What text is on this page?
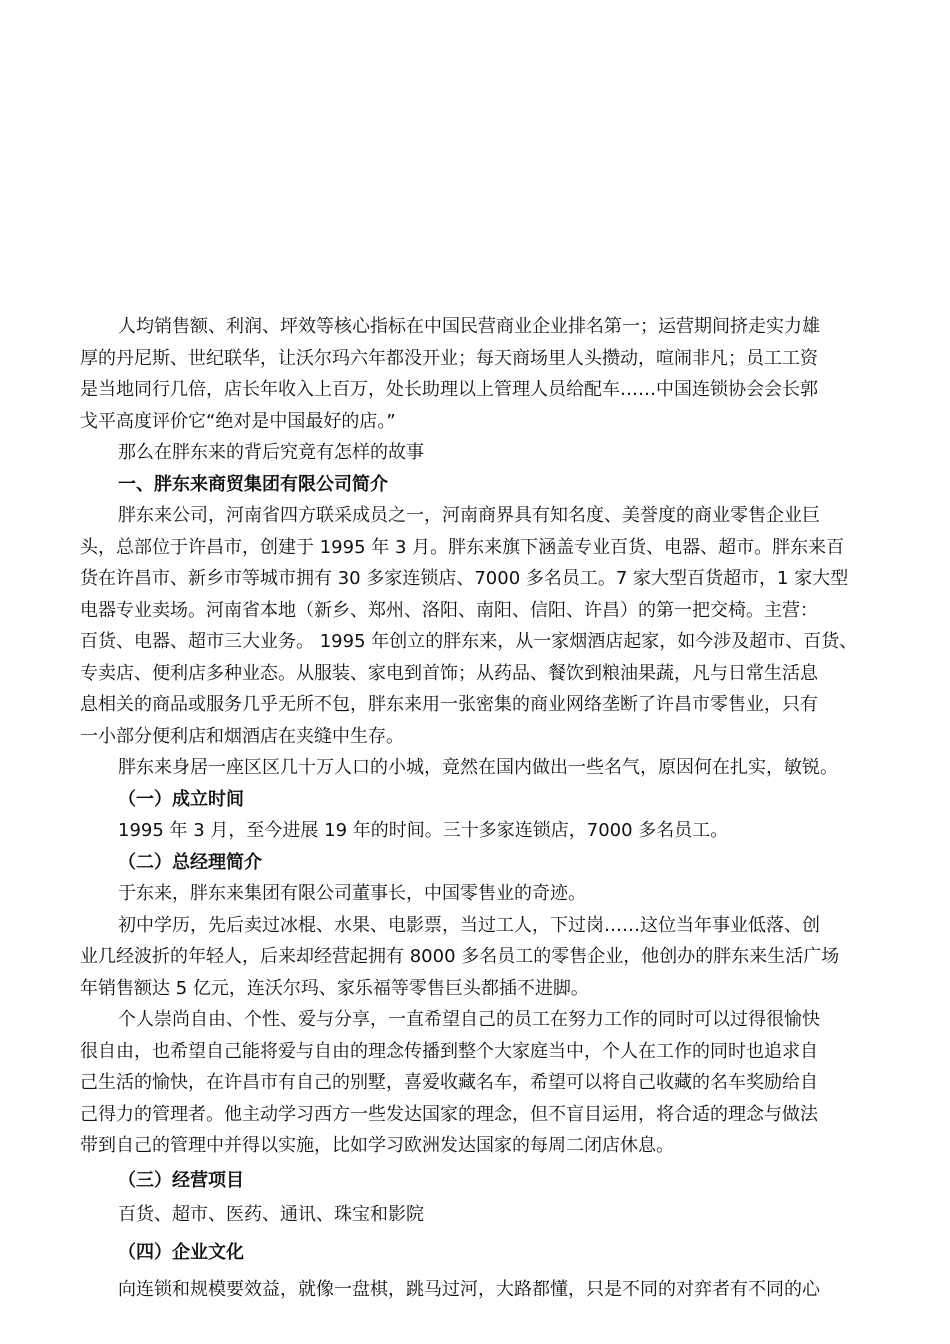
人均销售额、利润、坪效等核心指标在中国民营商业企业排名第一；运营期间挤走实力雄

厚的丹尼斯、世纪联华，让沃尔玛六年都没开业；每天商场里人头攒动，喧闹非凡；员工工资

是当地同行几倍，店长年收入上百万，处长助理以上管理人员给配车……中国连锁协会会长郭

戈平高度评价它“绝对是中国最好的店。”

那么在胖东来的背后究竟有怎样的故事

一、胖东来商贸集团有限公司简介

胖东来公司，河南省四方联采成员之一，河南商界具有知名度、美誉度的商业零售企业巨

头，总部位于许昌市，创建于 1995 年 3 月。胖东来旗下涵盖专业百货、电器、超市。胖东来百

货在许昌市、新乡市等城市拥有 30 多家连锁店、7000 多名员工。7 家大型百货超市，1 家大型

电器专业卖场。河南省本地（新乡、郑州、洛阳、南阳、信阳、许昌）的第一把交椅。主营：

百货、电器、超市三大业务。 1995 年创立的胖东来，从一家烟酒店起家，如今涉及超市、百货、

专卖店、便利店多种业态。从服装、家电到首饰；从药品、餐饮到粮油果蔬，凡与日常生活息

息相关的商品或服务几乎无所不包，胖东来用一张密集的商业网络垄断了许昌市零售业，只有

一小部分便利店和烟酒店在夹缝中生存。

胖东来身居一座区区几十万人口的小城，竟然在国内做出一些名气，原因何在扎实，敏锐。

（一）成立时间

1995 年 3 月，至今进展 19 年的时间。三十多家连锁店，7000 多名员工。

（二）总经理简介

于东来，胖东来集团有限公司董事长，中国零售业的奇迹。

初中学历，先后卖过冰棍、水果、电影票，当过工人，下过岗……这位当年事业低落、创

业几经波折的年轻人，后来却经营起拥有 8000 多名员工的零售企业，他创办的胖东来生活广场

年销售额达 5 亿元，连沃尔玛、家乐福等零售巨头都插不进脚。

个人崇尚自由、个性、爱与分享，一直希望自己的员工在努力工作的同时可以过得很愉快

很自由，也希望自己能将爱与自由的理念传播到整个大家庭当中，个人在工作的同时也追求自

己生活的愉快，在许昌市有自己的别墅，喜爱收藏名车，希望可以将自己收藏的名车奖励给自

己得力的管理者。他主动学习西方一些发达国家的理念，但不盲目运用，将合适的理念与做法

带到自己的管理中并得以实施，比如学习欧洲发达国家的每周二闭店休息。

（三）经营项目

百货、超市、医药、通讯、珠宝和影院

（四）企业文化

向连锁和规模要效益，就像一盘棋，跳马过河，大路都懂，只是不同的对弈者有不同的心
